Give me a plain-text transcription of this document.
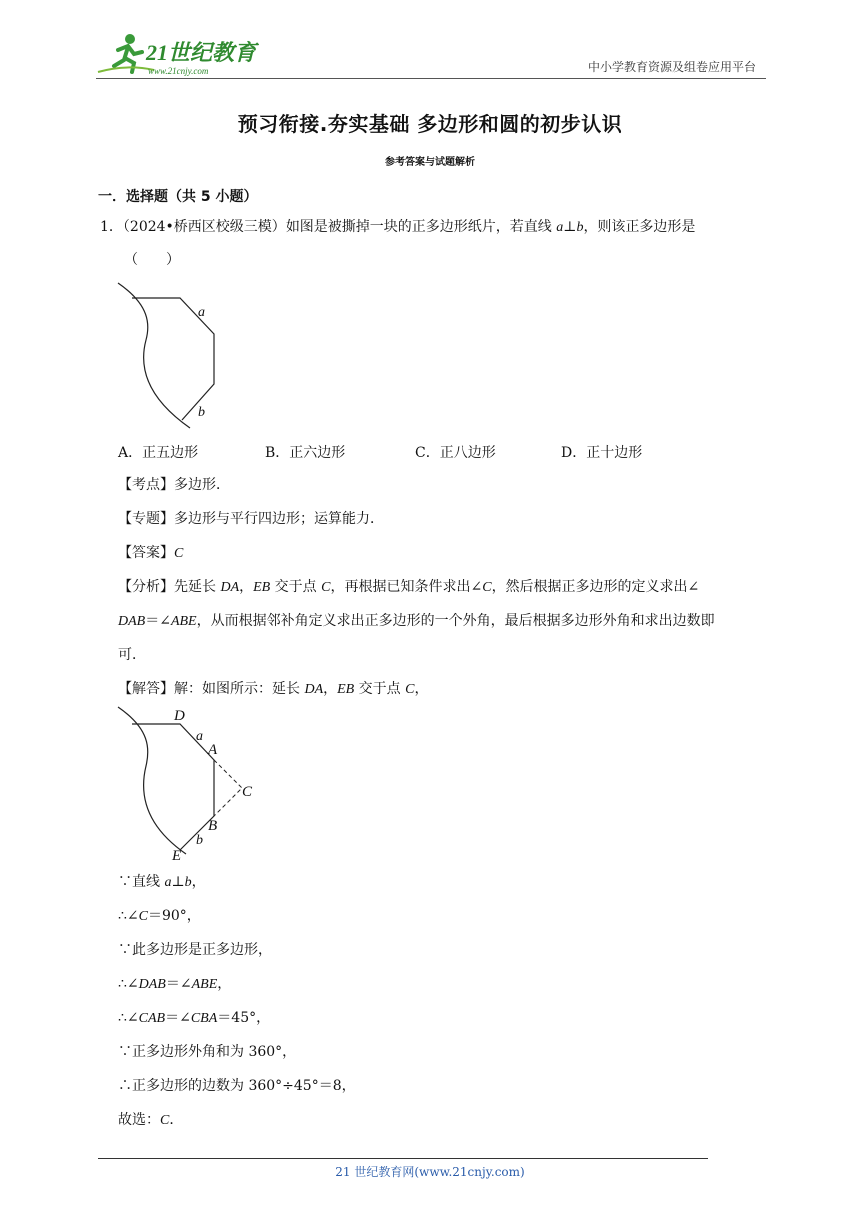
21世纪教育
www.21cnjy.com	中小学教育资源及组卷应用平台
预习衔接.夯实基础 多边形和圆的初步认识
参考答案与试题解析
一．选择题（共 5 小题）
1．（2024•桥西区校级三模）如图是被撕掉一块的正多边形纸片，若直线 a⊥b，则该正多边形是
（　　）
a
b
A．正五边形	B．正六边形	C．正八边形	D．正十边形
【考点】多边形．
【专题】多边形与平行四边形；运算能力．
【答案】C
【分析】先延长 DA，EB 交于点 C，再根据已知条件求出∠C，然后根据正多边形的定义求出∠
DAB＝∠ABE，从而根据邻补角定义求出正多边形的一个外角，最后根据多边形外角和求出边数即
可．
【解答】解：如图所示：延长 DA，EB 交于点 C，
D
a
A
C
B
b
E
∵直线 a⊥b，
∴∠C＝90°，
∵此多边形是正多边形，
∴∠DAB＝∠ABE，
∴∠CAB＝∠CBA＝45°，
∵正多边形外角和为 360°，
∴正多边形的边数为 360°÷45°＝8，
故选：C．
21 世纪教育网(www.21cnjy.com)
